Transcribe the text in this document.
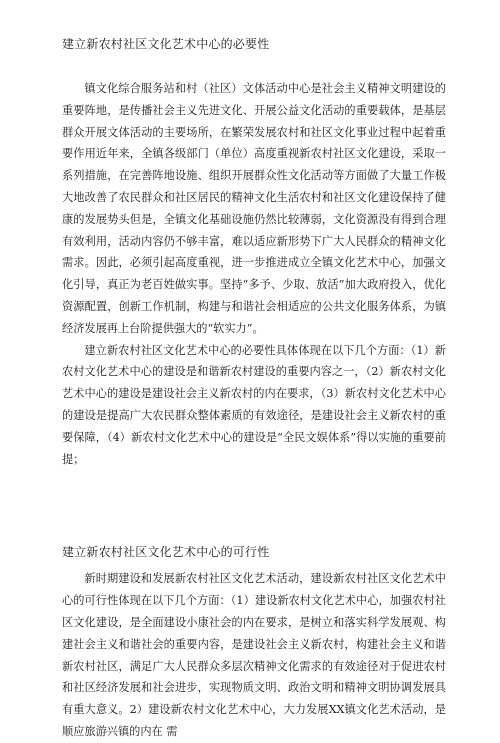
建立新农村社区文化艺术中心的必要性

镇文化综合服务站和村（社区）文体活动中心是社会主义精神文明建设的重要阵地，是传播社会主义先进文化、开展公益文化活动的重要载体，是基层群众开展文体活动的主要场所，在繁荣发展农村和社区文化事业过程中起着重要作用近年来，全镇各级部门（单位）高度重视新农村社区文化建设，采取一系列措施，在完善阵地设施、组织开展群众性文化活动等方面做了大量工作极大地改善了农民群众和社区居民的精神文化生活农村和社区文化建设保持了健康的发展势头但是，全镇文化基础设施仍然比较薄弱，文化资源没有得到合理有效利用，活动内容仍不够丰富，难以适应新形势下广大人民群众的精神文化需求。因此，必须引起高度重视，进一步推进成立全镇文化艺术中心，加强文化引导，真正为老百姓做实事。坚持“多予、少取、放活”加大政府投入，优化资源配置，创新工作机制，构建与和谐社会相适应的公共文化服务体系，为镇经济发展再上台阶提供强大的“软实力”。

建立新农村社区文化艺术中心的必要性具体体现在以下几个方面：（1）新农村文化艺术中心的建设是和谐新农村建设的重要内容之一，（2）新农村文化艺术中心的建设是建设社会主义新农村的内在要求，（3）新农村文化艺术中心的建设是提高广大农民群众整体素质的有效途径，是建设社会主义新农村的重要保障，（4）新农村文化艺术中心的建设是“全民文娱体系”得以实施的重要前提；

建立新农村社区文化艺术中心的可行性

新时期建设和发展新农村社区文化艺术活动，建设新农村社区文化艺术中心的可行性体现在以下几个方面：（1）建设新农村文化艺术中心，加强农村社区文化建设，是全面建设小康社会的内在要求，是树立和落实科学发展观、构建社会主义和谐社会的重要内容，是建设社会主义新农村，构建社会主义和谐新农村社区，满足广大人民群众多层次精神文化需求的有效途径对于促进农村和社区经济发展和社会进步，实现物质文明、政治文明和精神文明协调发展具有重大意义。2）建设新农村文化艺术中心，大力发展XX镇文化艺术活动，是顺应旅游兴镇的内在 需
